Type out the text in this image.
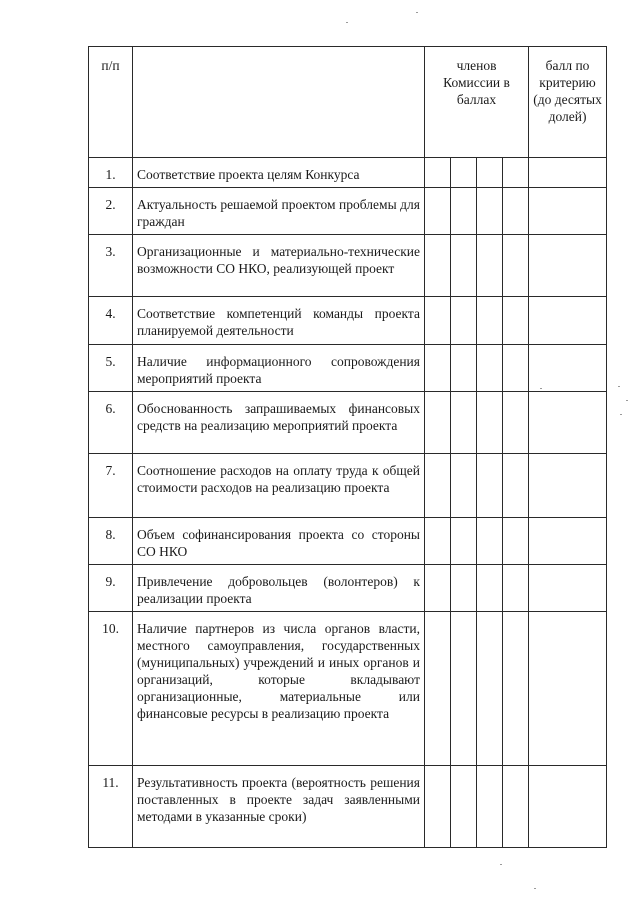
п/п		членов Комиссии в баллах				балл по критерию (до десятых долей)
1.	Соответствие проекта целям Конкурса					
2.	Актуальность решаемой проектом проблемы для граждан					
3.	Организационные и материально-технические возможности СО НКО, реализующей проект					
4.	Соответствие компетенций команды проекта планируемой деятельности					
5.	Наличие информационного сопровождения мероприятий проекта					
6.	Обоснованность запрашиваемых финансовых средств на реализацию мероприятий проекта					
7.	Соотношение расходов на оплату труда к общей стоимости расходов на реализацию проекта					
8.	Объем софинансирования проекта со стороны СО НКО					
9.	Привлечение добровольцев (волонтеров) к реализации проекта					
10.	Наличие партнеров из числа органов власти, местного самоуправления, государственных (муниципальных) учреждений и иных органов и организаций, которые вкладывают организационные, материальные или финансовые ресурсы в реализацию проекта					
11.	Результативность проекта (вероятность решения поставленных в проекте задач заявленными методами в указанные сроки)					
